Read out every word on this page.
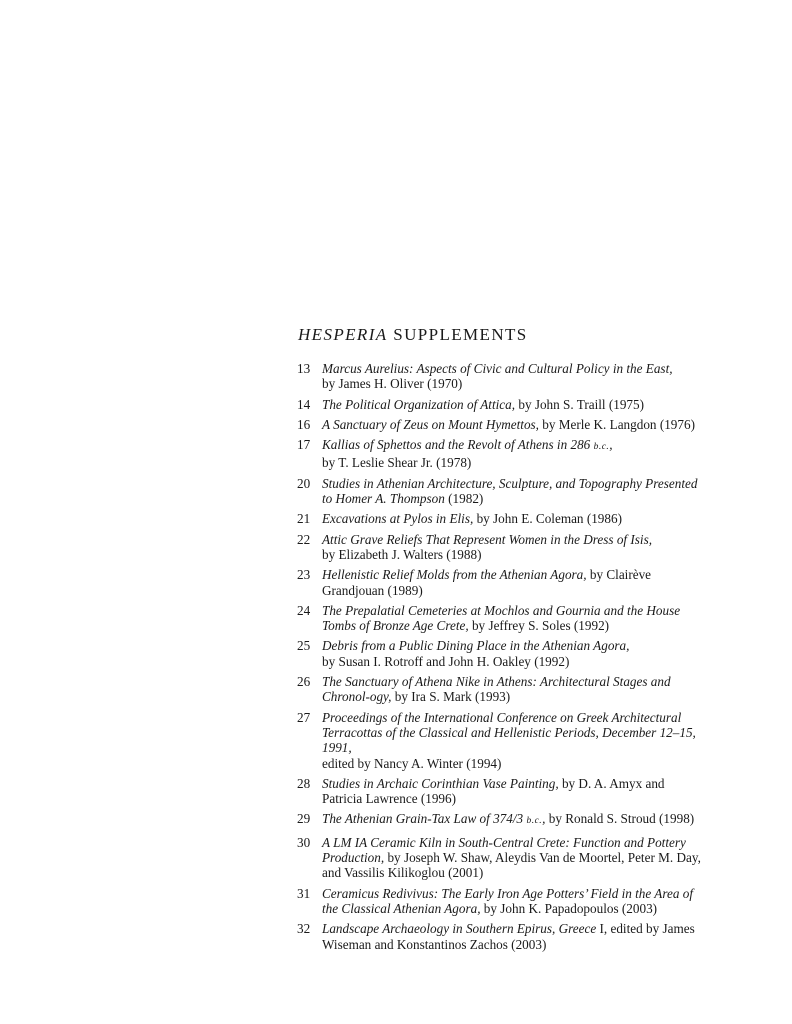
HESPERIA SUPPLEMENTS
13 Marcus Aurelius: Aspects of Civic and Cultural Policy in the East,
by James H. Oliver (1970)
14 The Political Organization of Attica, by John S. Traill (1975)
16 A Sanctuary of Zeus on Mount Hymettos, by Merle K. Langdon (1976)
17 Kallias of Sphettos and the Revolt of Athens in 286 b.c.,
by T. Leslie Shear Jr. (1978)
20 Studies in Athenian Architecture, Sculpture, and Topography Presented to Homer A. Thompson (1982)
21 Excavations at Pylos in Elis, by John E. Coleman (1986)
22 Attic Grave Reliefs That Represent Women in the Dress of Isis,
by Elizabeth J. Walters (1988)
23 Hellenistic Relief Molds from the Athenian Agora, by Clairève Grandjouan (1989)
24 The Prepalatial Cemeteries at Mochlos and Gournia and the House Tombs of Bronze Age Crete, by Jeffrey S. Soles (1992)
25 Debris from a Public Dining Place in the Athenian Agora,
by Susan I. Rotroff and John H. Oakley (1992)
26 The Sanctuary of Athena Nike in Athens: Architectural Stages and Chronol-ogy, by Ira S. Mark (1993)
27 Proceedings of the International Conference on Greek Architectural Terracottas of the Classical and Hellenistic Periods, December 12–15, 1991,
edited by Nancy A. Winter (1994)
28 Studies in Archaic Corinthian Vase Painting, by D. A. Amyx and Patricia Lawrence (1996)
29 The Athenian Grain-Tax Law of 374/3 b.c., by Ronald S. Stroud (1998)
30 A LM IA Ceramic Kiln in South-Central Crete: Function and Pottery Production, by Joseph W. Shaw, Aleydis Van de Moortel, Peter M. Day, and Vassilis Kilikoglou (2001)
31 Ceramicus Redivivus: The Early Iron Age Potters’ Field in the Area of the Classical Athenian Agora, by John K. Papadopoulos (2003)
32 Landscape Archaeology in Southern Epirus, Greece I, edited by James Wiseman and Konstantinos Zachos (2003)
